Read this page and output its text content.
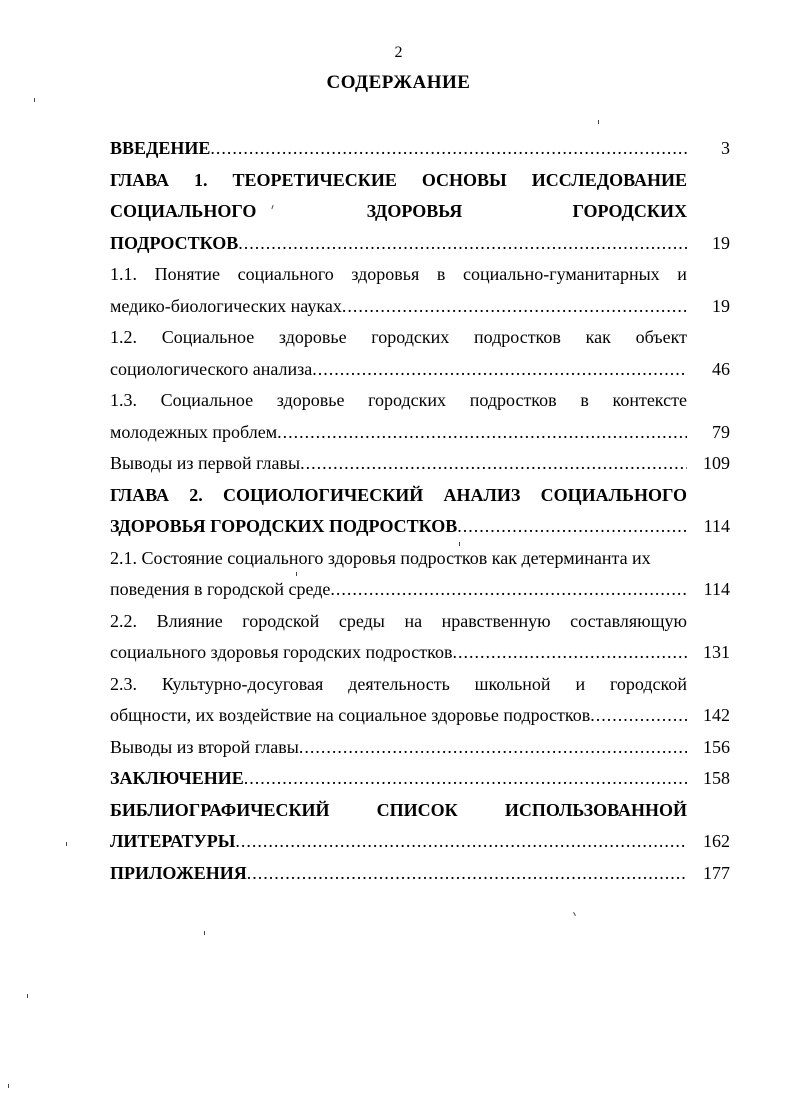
2
СОДЕРЖАНИЕ
ВВЕДЕНИЕ .....	3
ГЛАВА 1. ТЕОРЕТИЧЕСКИЕ ОСНОВЫ ИССЛЕДОВАНИЕ
СОЦИАЛЬНОГО	ЗДОРОВЬЯ	ГОРОДСКИХ
ПОДРОСТКОВ .....	19
1.1. Понятие социального здоровья в социально-гуманитарных и
медико-биологических науках .....	19
1.2. Социальное здоровье городских подростков как объект
социологического анализа .....	46
1.3. Социальное здоровье городских подростков в контексте
молодежных проблем .....	79
Выводы из первой главы .....	109
ГЛАВА 2. СОЦИОЛОГИЧЕСКИЙ АНАЛИЗ СОЦИАЛЬНОГО
ЗДОРОВЬЯ ГОРОДСКИХ ПОДРОСТКОВ .....	114
2.1. Состояние социального здоровья подростков как детерминанта их
поведения в городской среде .....	114
2.2. Влияние городской среды на нравственную составляющую
социального здоровья городских подростков .....	131
2.3. Культурно-досуговая деятельность школьной и городской
общности, их воздействие на социальное здоровье подростков .....	142
Выводы из второй главы .....	156
ЗАКЛЮЧЕНИЕ .....	158
БИБЛИОГРАФИЧЕСКИЙ	СПИСОК	ИСПОЛЬЗОВАННОЙ
ЛИТЕРАТУРЫ .....	162
ПРИЛОЖЕНИЯ .....	177
